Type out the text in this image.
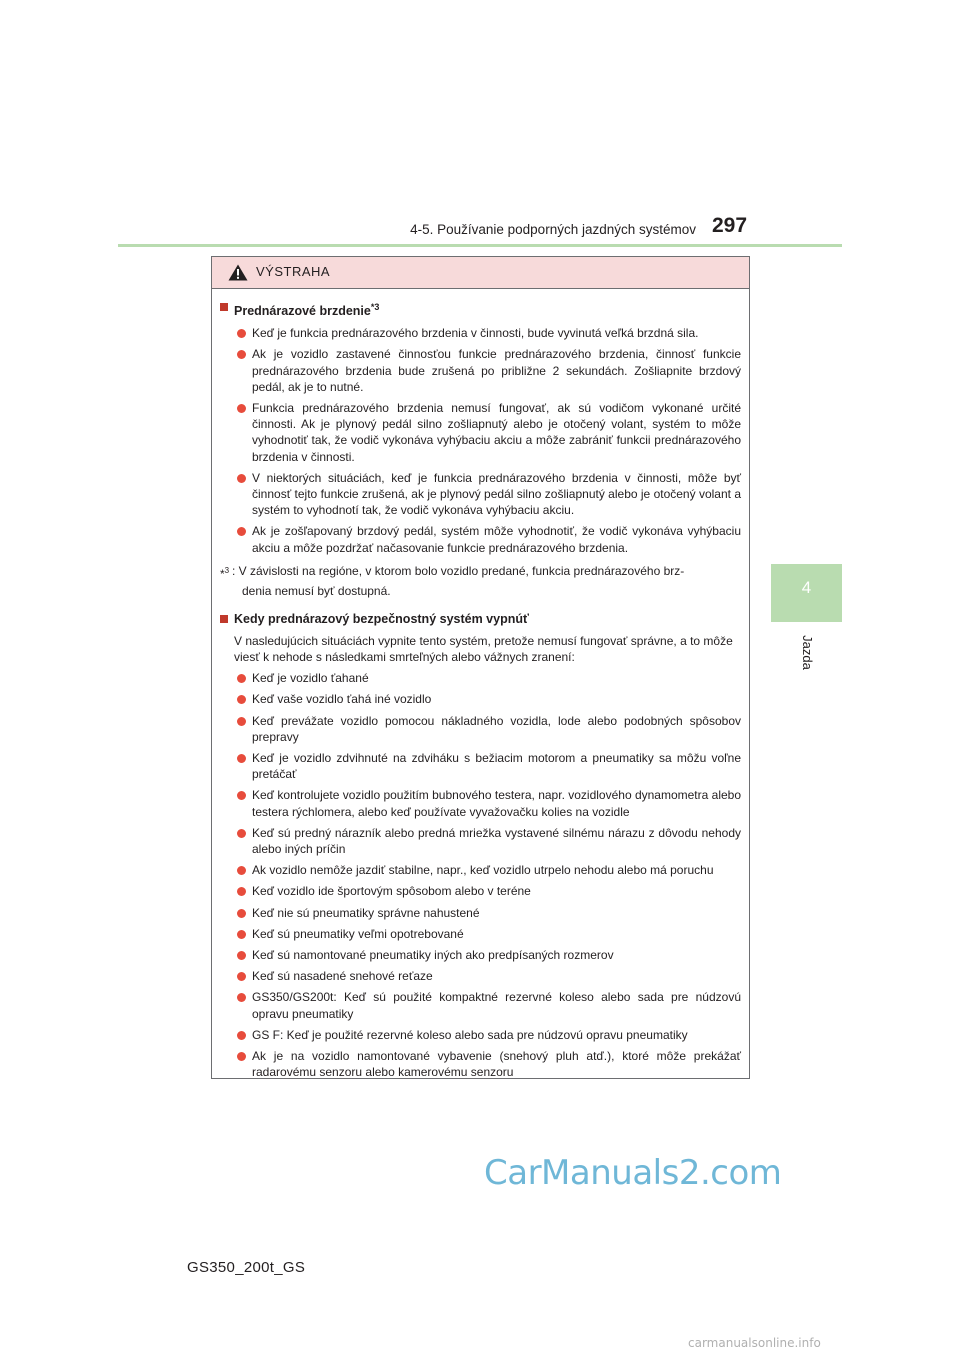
4-5. Používanie podporných jazdných systémov 297
4
Jazda
VÝSTRAHA
Prednárazové brzdenie$^{*3}$
Keď je funkcia prednárazového brzdenia v činnosti, bude vyvinutá veľká brzdná sila.
Ak je vozidlo zastavené činnosťou funkcie prednárazového brzdenia, činnosť funkcie prednárazového brzdenia bude zrušená po približne 2 sekundách. Zošliapnite brzdový pedál, ak je to nutné.
Funkcia prednárazového brzdenia nemusí fungovať, ak sú vodičom vykonané určité činnosti. Ak je plynový pedál silno zošliapnutý alebo je otočený volant, systém to môže vyhodnotiť tak, že vodič vykonáva vyhýbaciu akciu a môže zabrániť funkcii prednárazového brzdenia v činnosti.
V niektorých situáciách, keď je funkcia prednárazového brzdenia v činnosti, môže byť činnosť tejto funkcie zrušená, ak je plynový pedál silno zošliapnutý alebo je otočený volant a systém to vyhodnotí tak, že vodič vykonáva vyhýbaciu akciu.
Ak je zošľapovaný brzdový pedál, systém môže vyhodnotiť, že vodič vykonáva vyhýbaciu akciu a môže pozdržať načasovanie funkcie prednárazového brzdenia.
*$^3$ : V závislosti na regióne, v ktorom bolo vozidlo predané, funkcia prednárazového brz-
denia nemusí byť dostupná.
Kedy prednárazový bezpečnostný systém vypnúť
V nasledujúcich situáciách vypnite tento systém, pretože nemusí fungovať správne, a to môže viesť k nehode s následkami smrteľných alebo vážnych zranení:
Keď je vozidlo ťahané
Keď vaše vozidlo ťahá iné vozidlo
Keď prevážate vozidlo pomocou nákladného vozidla, lode alebo podobných spôsobov prepravy
Keď je vozidlo zdvihnuté na zdviháku s bežiacim motorom a pneumatiky sa môžu voľne pretáčať
Keď kontrolujete vozidlo použitím bubnového testera, napr. vozidlového dynamometra alebo testera rýchlomera, alebo keď používate vyvažovačku kolies na vozidle
Keď sú predný nárazník alebo predná mriežka vystavené silnému nárazu z dôvodu nehody alebo iných príčin
Ak vozidlo nemôže jazdiť stabilne, napr., keď vozidlo utrpelo nehodu alebo má poruchu
Keď vozidlo ide športovým spôsobom alebo v teréne
Keď nie sú pneumatiky správne nahustené
Keď sú pneumatiky veľmi opotrebované
Keď sú namontované pneumatiky iných ako predpísaných rozmerov
Keď sú nasadené snehové reťaze
GS350/GS200t: Keď sú použité kompaktné rezervné koleso alebo sada pre núdzovú opravu pneumatiky
GS F: Keď je použité rezervné koleso alebo sada pre núdzovú opravu pneumatiky
Ak je na vozidlo namontované vybavenie (snehový pluh atď.), ktoré môže prekážať radarovému senzoru alebo kamerovému senzoru
CarManuals2.com
GS350_200t_GS
carmanualsonline.info
